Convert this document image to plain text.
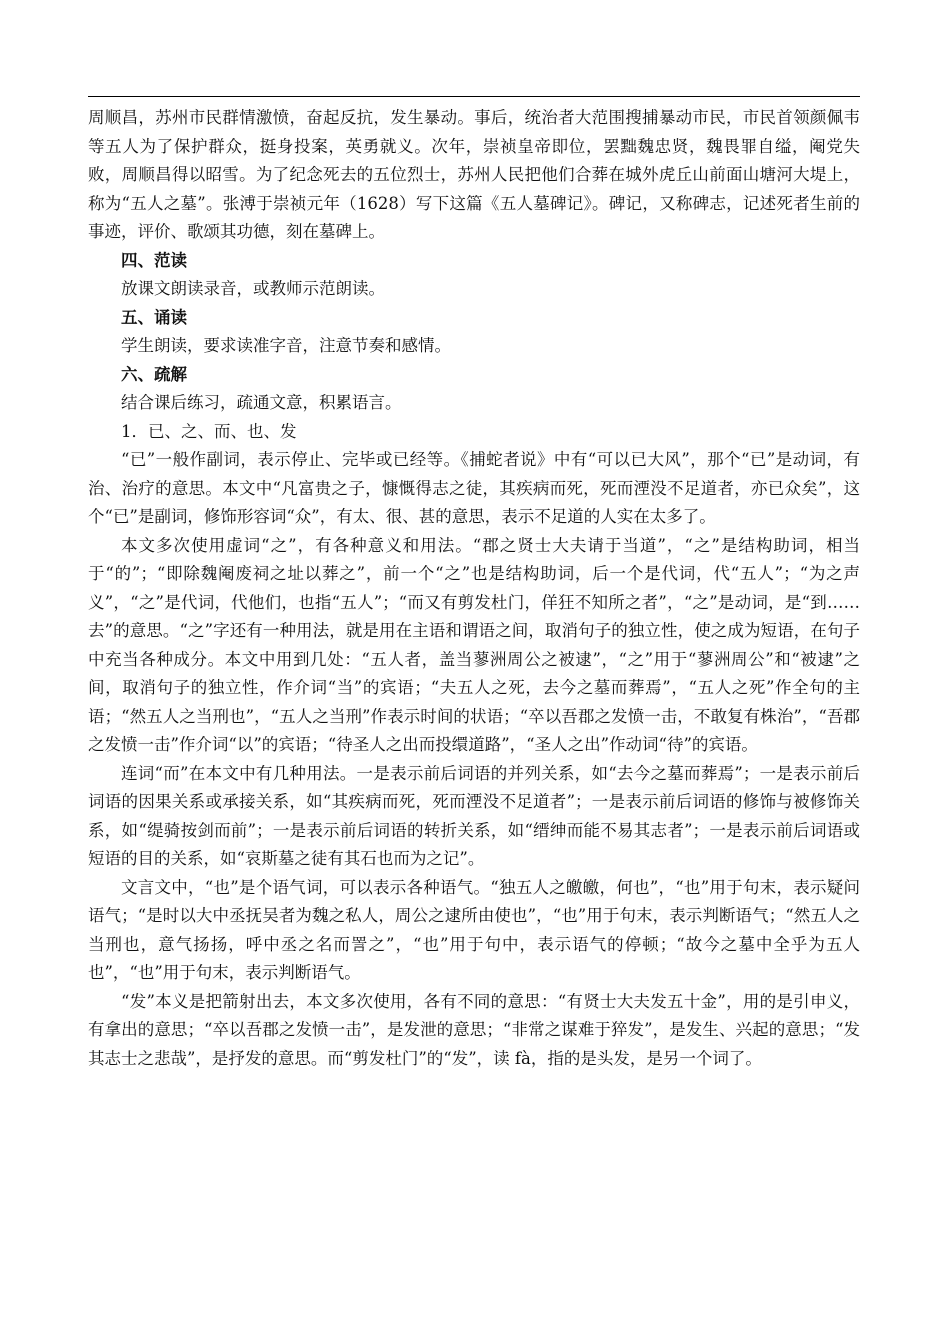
周顺昌，苏州市民群情激愤，奋起反抗，发生暴动。事后，统治者大范围搜捕暴动市民，市民首领颜佩韦等五人为了保护群众，挺身投案，英勇就义。次年，崇祯皇帝即位，罢黜魏忠贤，魏畏罪自缢，阉党失败，周顺昌得以昭雪。为了纪念死去的五位烈士，苏州人民把他们合葬在城外虎丘山前面山塘河大堤上，称为“五人之墓”。张溥于崇祯元年（1628）写下这篇《五人墓碑记》。碑记，又称碑志，记述死者生前的事迹，评价、歌颂其功德，刻在墓碑上。

四、范读

放课文朗读录音，或教师示范朗读。

五、诵读

学生朗读，要求读准字音，注意节奏和感情。

六、疏解

结合课后练习，疏通文意，积累语言。

1．已、之、而、也、发

“已”一般作副词，表示停止、完毕或已经等。《捕蛇者说》中有“可以已大风”，那个“已”是动词，有治、治疗的意思。本文中“凡富贵之子，慷慨得志之徒，其疾病而死，死而湮没不足道者，亦已众矣”，这个“已”是副词，修饰形容词“众”，有太、很、甚的意思，表示不足道的人实在太多了。

本文多次使用虚词“之”，有各种意义和用法。“郡之贤士大夫请于当道”，“之”是结构助词，相当于“的”；“即除魏阉废祠之址以葬之”，前一个“之”也是结构助词，后一个是代词，代“五人”；“为之声义”，“之”是代词，代他们，也指“五人”；“而又有剪发杜门，佯狂不知所之者”，“之”是动词，是“到……去”的意思。“之”字还有一种用法，就是用在主语和谓语之间，取消句子的独立性，使之成为短语，在句子中充当各种成分。本文中用到几处：“五人者，盖当蓼洲周公之被逮”，“之”用于“蓼洲周公”和“被逮”之间，取消句子的独立性，作介词“当”的宾语；“夫五人之死，去今之墓而葬焉”，“五人之死”作全句的主语；“然五人之当刑也”，“五人之当刑”作表示时间的状语；“卒以吾郡之发愤一击，不敢复有株治”，“吾郡之发愤一击”作介词“以”的宾语；“待圣人之出而投缳道路”，“圣人之出”作动词“待”的宾语。

连词“而”在本文中有几种用法。一是表示前后词语的并列关系，如“去今之墓而葬焉”；一是表示前后词语的因果关系或承接关系，如“其疾病而死，死而湮没不足道者”；一是表示前后词语的修饰与被修饰关系，如“缇骑按剑而前”；一是表示前后词语的转折关系，如“缙绅而能不易其志者”；一是表示前后词语或短语的目的关系，如“哀斯墓之徒有其石也而为之记”。

文言文中，“也”是个语气词，可以表示各种语气。“独五人之皦皦，何也”，“也”用于句末，表示疑问语气；“是时以大中丞抚吴者为魏之私人，周公之逮所由使也”，“也”用于句末，表示判断语气；“然五人之当刑也，意气扬扬，呼中丞之名而詈之”，“也”用于句中，表示语气的停顿；“故今之墓中全乎为五人也”，“也”用于句末，表示判断语气。

“发”本义是把箭射出去，本文多次使用，各有不同的意思：“有贤士大夫发五十金”，用的是引申义，有拿出的意思；“卒以吾郡之发愤一击”，是发泄的意思；“非常之谋难于猝发”，是发生、兴起的意思；“发其志士之悲哉”，是抒发的意思。而“剪发杜门”的“发”，读 fà，指的是头发，是另一个词了。
